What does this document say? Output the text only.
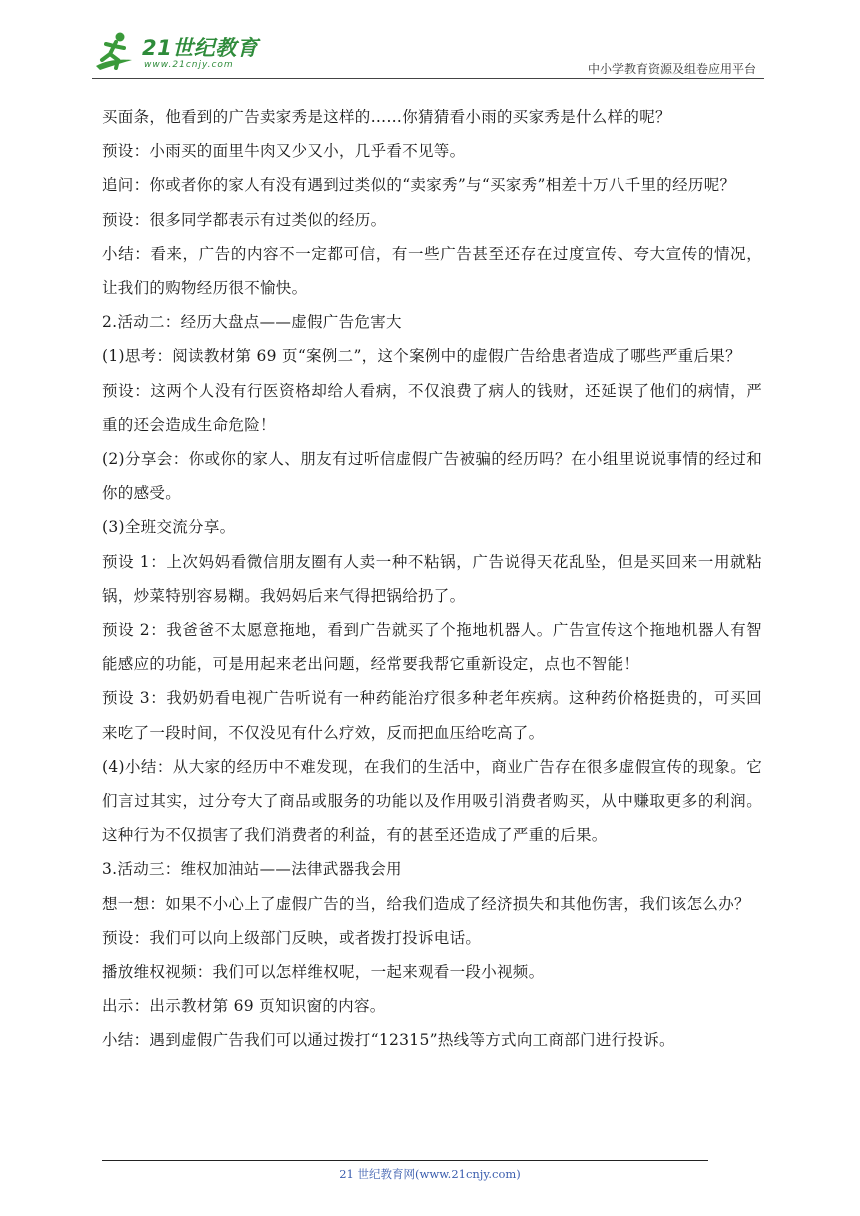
21世纪教育
www.21cnjy.com	中小学教育资源及组卷应用平台

买面条，他看到的广告卖家秀是这样的……你猜猜看小雨的买家秀是什么样的呢？

预设：小雨买的面里牛肉又少又小，几乎看不见等。

追问：你或者你的家人有没有遇到过类似的“卖家秀”与“买家秀”相差十万八千里的经历呢？

预设：很多同学都表示有过类似的经历。

小结：看来，广告的内容不一定都可信，有一些广告甚至还存在过度宣传、夸大宣传的情况，让我们的购物经历很不愉快。

2.活动二：经历大盘点——虚假广告危害大

(1)思考：阅读教材第 69 页“案例二”，这个案例中的虚假广告给患者造成了哪些严重后果？

预设：这两个人没有行医资格却给人看病，不仅浪费了病人的钱财，还延误了他们的病情，严重的还会造成生命危险！

(2)分享会：你或你的家人、朋友有过听信虚假广告被骗的经历吗？在小组里说说事情的经过和你的感受。

(3)全班交流分享。

预设 1：上次妈妈看微信朋友圈有人卖一种不粘锅，广告说得天花乱坠，但是买回来一用就粘锅，炒菜特别容易糊。我妈妈后来气得把锅给扔了。

预设 2：我爸爸不太愿意拖地，看到广告就买了个拖地机器人。广告宣传这个拖地机器人有智能感应的功能，可是用起来老出问题，经常要我帮它重新设定，点也不智能！

预设 3：我奶奶看电视广告听说有一种药能治疗很多种老年疾病。这种药价格挺贵的，可买回来吃了一段时间，不仅没见有什么疗效，反而把血压给吃高了。

(4)小结：从大家的经历中不难发现，在我们的生活中，商业广告存在很多虚假宣传的现象。它们言过其实，过分夸大了商品或服务的功能以及作用吸引消费者购买，从中赚取更多的利润。这种行为不仅损害了我们消费者的利益，有的甚至还造成了严重的后果。

3.活动三：维权加油站——法律武器我会用

想一想：如果不小心上了虚假广告的当，给我们造成了经济损失和其他伤害，我们该怎么办？

预设：我们可以向上级部门反映，或者拨打投诉电话。

播放维权视频：我们可以怎样维权呢，一起来观看一段小视频。

出示：出示教材第 69 页知识窗的内容。

小结：遇到虚假广告我们可以通过拨打“12315”热线等方式向工商部门进行投诉。

21 世纪教育网(www.21cnjy.com)
